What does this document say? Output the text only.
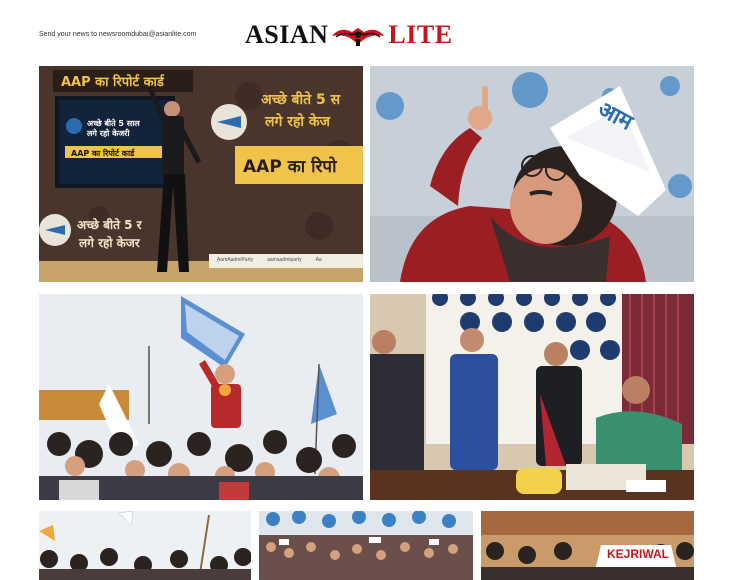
Send your news to newsroomdubai@asianlite.com ASIAN LITE
AAP का रिपोर्ट कार्ड
अच्छे बीते 5 साल
लगे रहो केजरी
AAP का रिपोर्ट कार्ड
अच्छे बीते 5 स
लगे रहो केज
AAP का रिपो
अच्छे बीते 5 र
लगे रहो केजर
AamAadmiParty	aamaadmiparty	Aa
आम
KEJRIWAL
